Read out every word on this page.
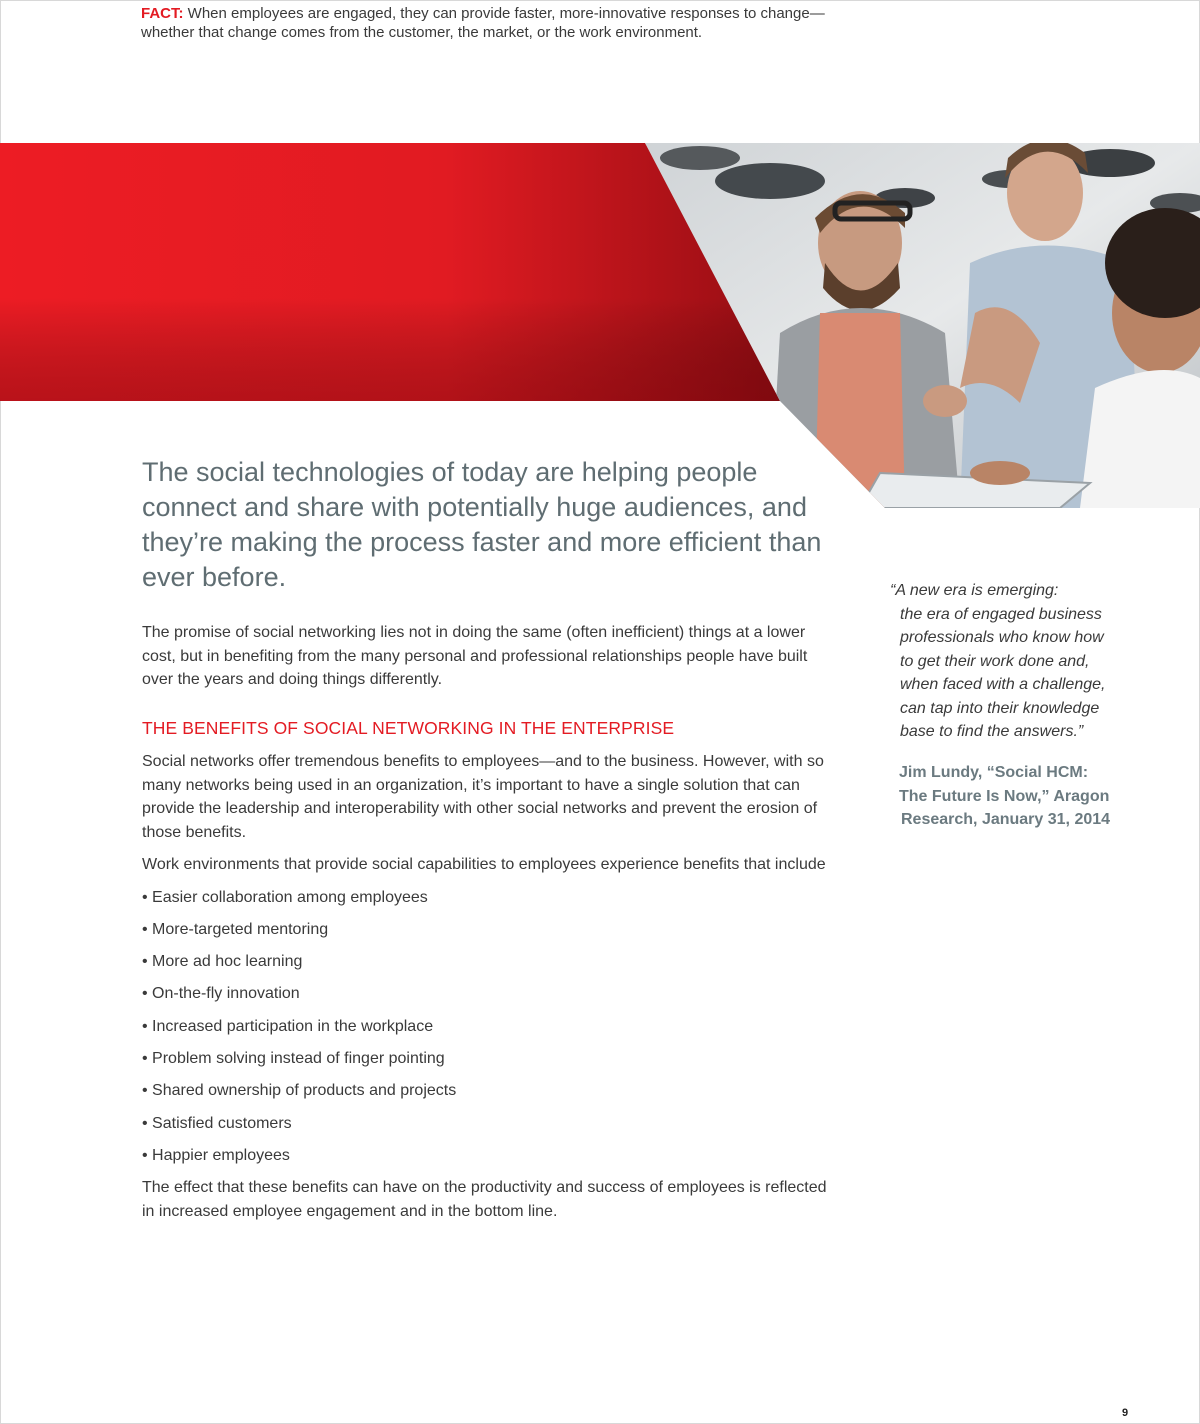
FACT: When employees are engaged, they can provide faster, more-innovative responses to change—whether that change comes from the customer, the market, or the work environment.
The social technologies of today are helping people connect and share with potentially huge audiences, and they’re making the process faster and more efficient than ever before.

The promise of social networking lies not in doing the same (often inefficient) things at a lower cost, but in benefiting from the many personal and professional relationships people have built over the years and doing things differently.

THE BENEFITS OF SOCIAL NETWORKING IN THE ENTERPRISE

Social networks offer tremendous benefits to employees—and to the business. However, with so many networks being used in an organization, it’s important to have a single solution that can provide the leadership and interoperability with other social networks and prevent the erosion of those benefits.

Work environments that provide social capabilities to employees experience benefits that include

• Easier collaboration among employees
• More-targeted mentoring
• More ad hoc learning
• On-the-fly innovation
• Increased participation in the workplace
• Problem solving instead of finger pointing
• Shared ownership of products and projects
• Satisfied customers
• Happier employees

The effect that these benefits can have on the productivity and success of employees is reflected in increased employee engagement and in the bottom line.

“A new era is emerging:
the era of engaged business
professionals who know how
to get their work done and,
when faced with a challenge,
can tap into their knowledge
base to find the answers.”

Jim Lundy, “Social HCM:
The Future Is Now,” Aragon
Research, January 31, 2014

9
